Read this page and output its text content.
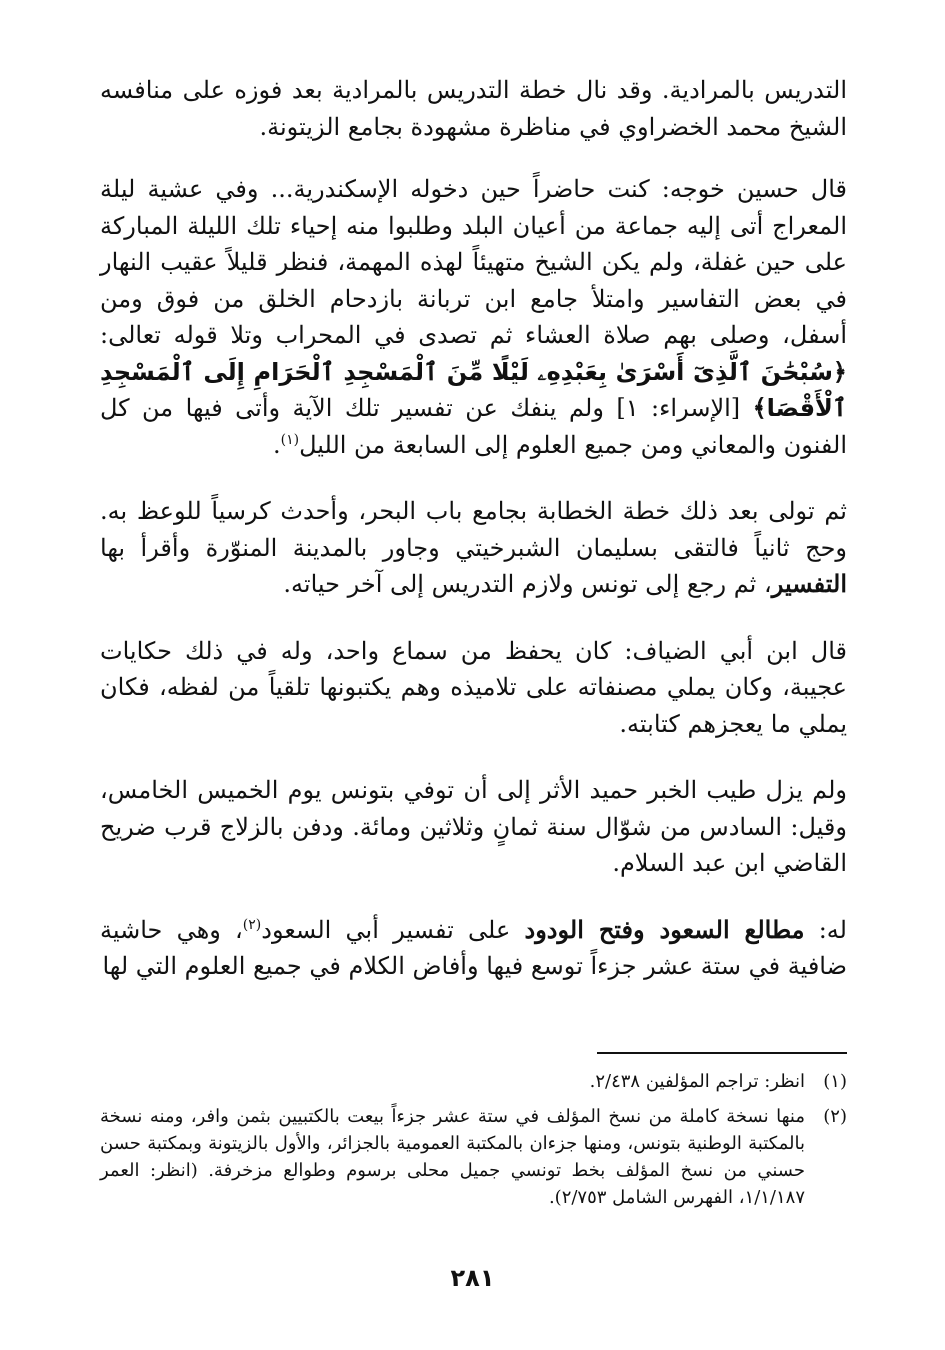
التدريس بالمرادية. وقد نال خطة التدريس بالمرادية بعد فوزه على منافسه الشيخ محمد الخضراوي في مناظرة مشهودة بجامع الزيتونة.

قال حسين خوجه: كنت حاضراً حين دخوله الإسكندرية... وفي عشية ليلة المعراج أتى إليه جماعة من أعيان البلد وطلبوا منه إحياء تلك الليلة المباركة على حين غفلة، ولم يكن الشيخ متهيئاً لهذه المهمة، فنظر قليلاً عقيب النهار في بعض التفاسير وامتلأ جامع ابن تربانة بازدحام الخلق من فوق ومن أسفل، وصلى بهم صلاة العشاء ثم تصدى في المحراب وتلا قوله تعالى: ﴿سُبْحَٰنَ ٱلَّذِىٓ أَسْرَىٰ بِعَبْدِهِۦ لَيْلًا مِّنَ ٱلْمَسْجِدِ ٱلْحَرَامِ إِلَى ٱلْمَسْجِدِ ٱلْأَقْصَا﴾ [الإسراء: ١] ولم ينفك عن تفسير تلك الآية وأتى فيها من كل الفنون والمعاني ومن جميع العلوم إلى السابعة من الليل$^{(١)}$.

ثم تولى بعد ذلك خطة الخطابة بجامع باب البحر، وأحدث كرسياً للوعظ به. وحج ثانياً فالتقى بسليمان الشبرخيتي وجاور بالمدينة المنوّرة وأقرأ بها التفسير، ثم رجع إلى تونس ولازم التدريس إلى آخر حياته.

قال ابن أبي الضياف: كان يحفظ من سماع واحد، وله في ذلك حكايات عجيبة، وكان يملي مصنفاته على تلاميذه وهم يكتبونها تلقياً من لفظه، فكان يملي ما يعجزهم كتابته.

ولم يزل طيب الخبر حميد الأثر إلى أن توفي بتونس يوم الخميس الخامس، وقيل: السادس من شوّال سنة ثمانٍ وثلاثين ومائة. ودفن بالزلاج قرب ضريح القاضي ابن عبد السلام.

له: مطالع السعود وفتح الودود على تفسير أبي السعود$^{(٢)}$، وهي حاشية ضافية في ستة عشر جزءاً توسع فيها وأفاض الكلام في جميع العلوم التي لها

(١)
انظر: تراجم المؤلفين ٢/٤٣٨.
(٢)
منها نسخة كاملة من نسخ المؤلف في ستة عشر جزءاً بيعت بالكتبيين بثمن وافر، ومنه نسخة بالمكتبة الوطنية بتونس، ومنها جزءان بالمكتبة العمومية بالجزائر، والأول بالزيتونة وبمكتبة حسن حسني من نسخ المؤلف بخط تونسي جميل محلى برسوم وطوالع مزخرفة. (انظر: العمر ١/١/١٨٧، الفهرس الشامل ٢/٧٥٣).
٢٨١
